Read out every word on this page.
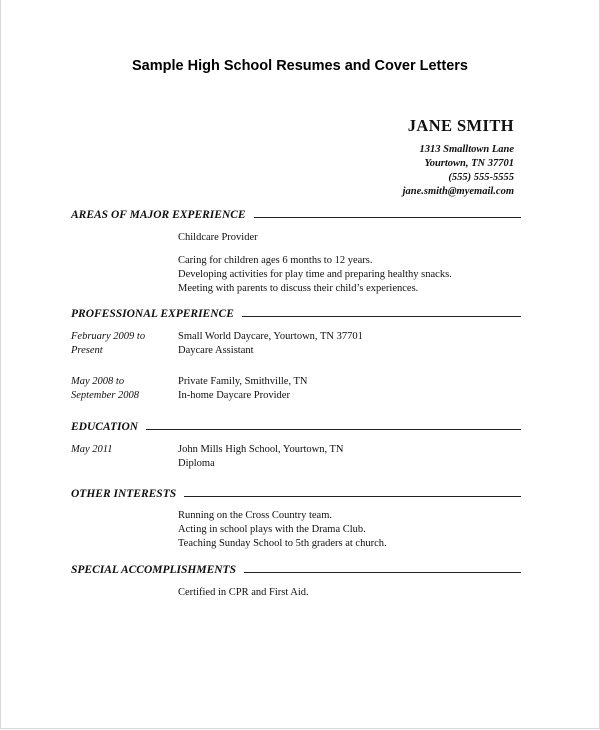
Sample High School Resumes and Cover Letters
JANE SMITH
1313 Smalltown Lane
Yourtown, TN 37701
(555) 555-5555
jane.smith@myemail.com
AREAS OF MAJOR EXPERIENCE
Childcare Provider
Caring for children ages 6 months to 12 years.
Developing activities for play time and preparing healthy snacks.
Meeting with parents to discuss their child’s experiences.
PROFESSIONAL EXPERIENCE
February 2009 to
Present
Small World Daycare, Yourtown, TN 37701
Daycare Assistant
May 2008 to
September 2008
Private Family, Smithville, TN
In-home Daycare Provider
EDUCATION
May 2011	John Mills High School, Yourtown, TN
Diploma
OTHER INTERESTS
Running on the Cross Country team.
Acting in school plays with the Drama Club.
Teaching Sunday School to 5th graders at church.
SPECIAL ACCOMPLISHMENTS
Certified in CPR and First Aid.
